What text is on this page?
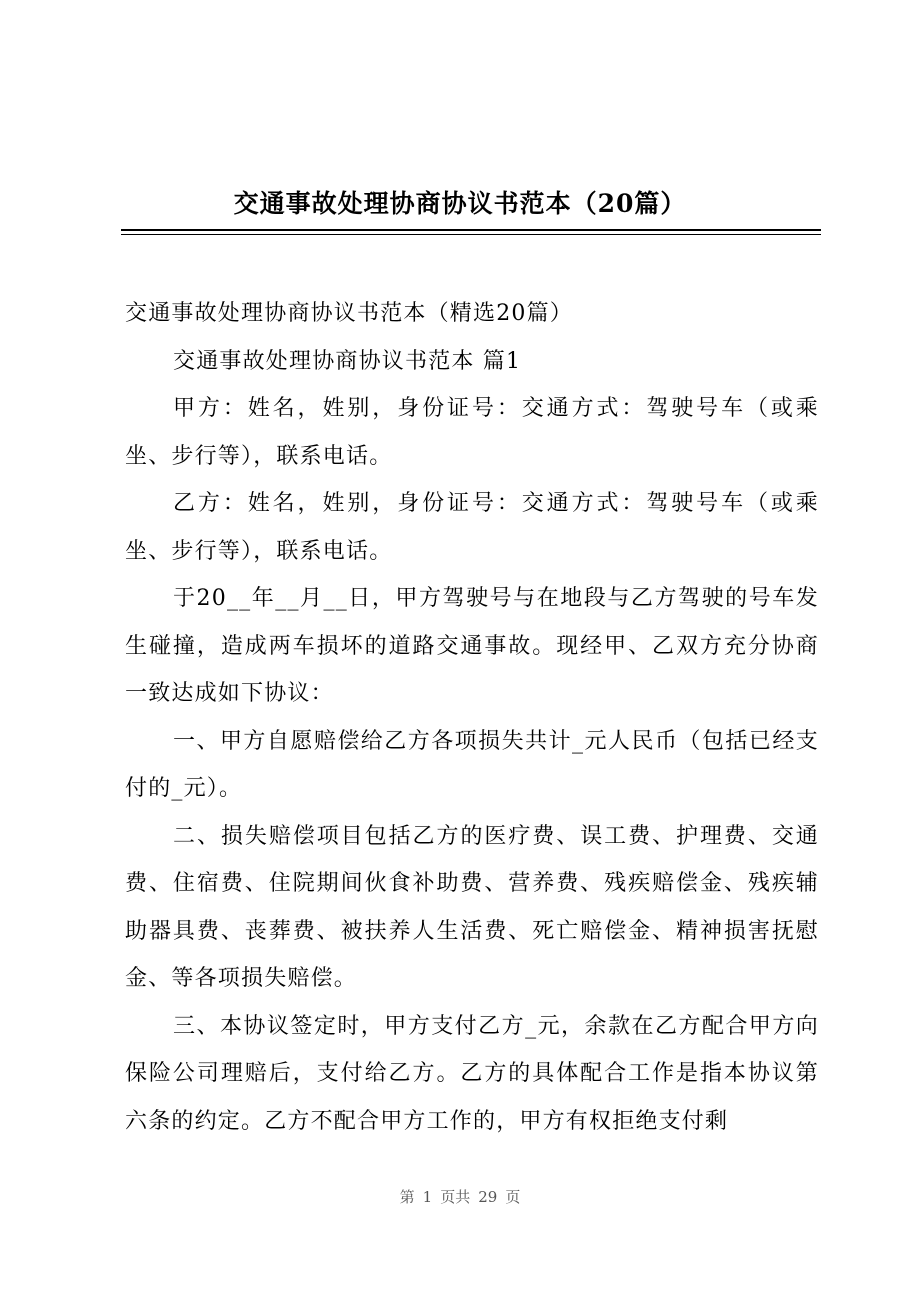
交通事故处理协商协议书范本（20篇）

交通事故处理协商协议书范本（精选20篇）

交通事故处理协商协议书范本 篇1

甲方：姓名，姓别，身份证号：交通方式：驾驶号车（或乘坐、步行等），联系电话。

乙方：姓名，姓别，身份证号：交通方式：驾驶号车（或乘坐、步行等），联系电话。

于20__年__月__日，甲方驾驶号与在地段与乙方驾驶的号车发生碰撞，造成两车损坏的道路交通事故。现经甲、乙双方充分协商一致达成如下协议：

一、甲方自愿赔偿给乙方各项损失共计_元人民币（包括已经支付的_元）。

二、损失赔偿项目包括乙方的医疗费、误工费、护理费、交通费、住宿费、住院期间伙食补助费、营养费、残疾赔偿金、残疾辅助器具费、丧葬费、被扶养人生活费、死亡赔偿金、精神损害抚慰金、等各项损失赔偿。

三、本协议签定时，甲方支付乙方_元，余款在乙方配合甲方向保险公司理赔后，支付给乙方。乙方的具体配合工作是指本协议第六条的约定。乙方不配合甲方工作的，甲方有权拒绝支付剩

第 1 页共 29 页
